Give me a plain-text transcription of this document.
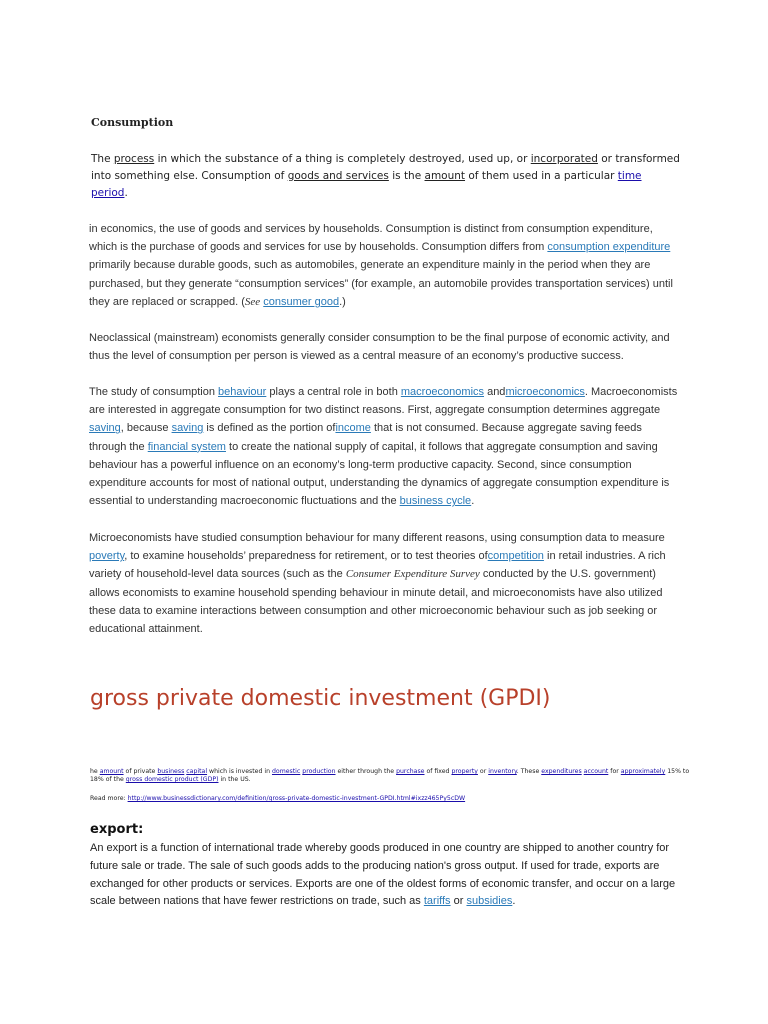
Consumption
The process in which the substance of a thing is completely destroyed, used up, or incorporated or transformed into something else. Consumption of goods and services is the amount of them used in a particular time period.
in economics, the use of goods and services by households. Consumption is distinct from consumption expenditure, which is the purchase of goods and services for use by households. Consumption differs from consumption expenditure primarily because durable goods, such as automobiles, generate an expenditure mainly in the period when they are purchased, but they generate “consumption services” (for example, an automobile provides transportation services) until they are replaced or scrapped. (See consumer good.)
Neoclassical (mainstream) economists generally consider consumption to be the final purpose of economic activity, and thus the level of consumption per person is viewed as a central measure of an economy’s productive success.
The study of consumption behaviour plays a central role in both macroeconomics andmicroeconomics. Macroeconomists are interested in aggregate consumption for two distinct reasons. First, aggregate consumption determines aggregate saving, because saving is defined as the portion ofincome that is not consumed. Because aggregate saving feeds through the financial system to create the national supply of capital, it follows that aggregate consumption and saving behaviour has a powerful influence on an economy’s long-term productive capacity. Second, since consumption expenditure accounts for most of national output, understanding the dynamics of aggregate consumption expenditure is essential to understanding macroeconomic fluctuations and the business cycle.
Microeconomists have studied consumption behaviour for many different reasons, using consumption data to measure poverty, to examine households’ preparedness for retirement, or to test theories ofcompetition in retail industries. A rich variety of household-level data sources (such as the Consumer Expenditure Survey conducted by the U.S. government) allows economists to examine household spending behaviour in minute detail, and microeconomists have also utilized these data to examine interactions between consumption and other microeconomic behaviour such as job seeking or educational attainment.
gross private domestic investment (GPDI)
he amount of private business capital which is invested in domestic production either through the purchase of fixed property or inventory. These expenditures account for approximately 15% to 18% of the gross domestic product (GDP) in the US.
Read more: http://www.businessdictionary.com/definition/gross-private-domestic-investment-GPDI.html#ixzz465Py5cDW
export:
An export is a function of international trade whereby goods produced in one country are shipped to another country for future sale or trade. The sale of such goods adds to the producing nation's gross output. If used for trade, exports are exchanged for other products or services. Exports are one of the oldest forms of economic transfer, and occur on a large scale between nations that have fewer restrictions on trade, such as tariffs or subsidies.
